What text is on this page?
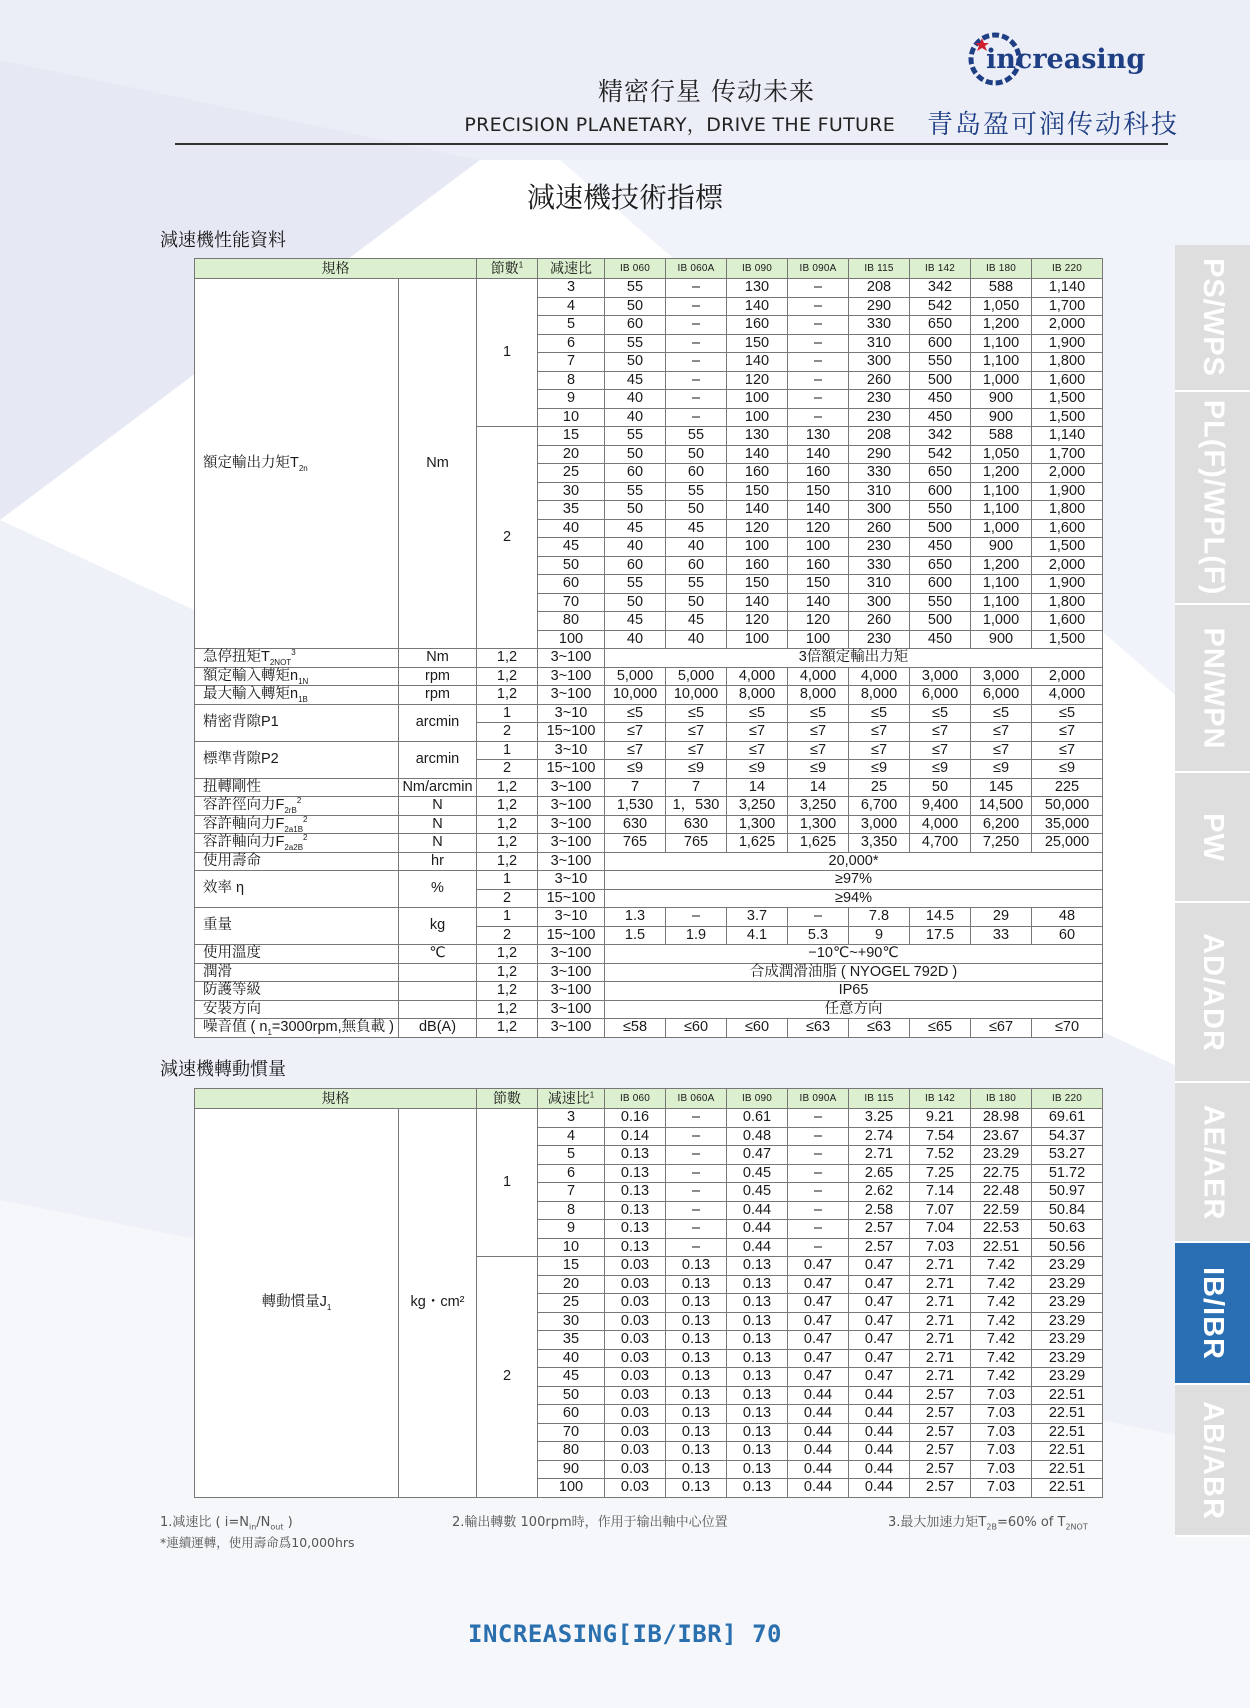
精密行星 传动未来
PRECISION PLANETARY，DRIVE THE FUTURE
increasing
青岛盈可润传动科技
減速機技術指標
減速機性能資料
規格		節數$^1$	减速比	IB 060	IB 060A	IB 090	IB 090A	IB 115	IB 142	IB 180	IB 220
額定輸出力矩$T_{2n}$	Nm	1	3	55	–	130	–	208	342	588	1,140
			4	50	–	140	–	290	542	1,050	1,700
			5	60	–	160	–	330	650	1,200	2,000
			6	55	–	150	–	310	600	1,100	1,900
			7	50	–	140	–	300	550	1,100	1,800
			8	45	–	120	–	260	500	1,000	1,600
			9	40	–	100	–	230	450	900	1,500
			10	40	–	100	–	230	450	900	1,500
		2	15	55	55	130	130	208	342	588	1,140
			20	50	50	140	140	290	542	1,050	1,700
			25	60	60	160	160	330	650	1,200	2,000
			30	55	55	150	150	310	600	1,100	1,900
			35	50	50	140	140	300	550	1,100	1,800
			40	45	45	120	120	260	500	1,000	1,600
			45	40	40	100	100	230	450	900	1,500
			50	60	60	160	160	330	650	1,200	2,000
			60	55	55	150	150	310	600	1,100	1,900
			70	50	50	140	140	300	550	1,100	1,800
			80	45	45	120	120	260	500	1,000	1,600
			100	40	40	100	100	230	450	900	1,500
急停扭矩$T_{2NOT}^3$	Nm	1,2	3~100	3倍額定輸出力矩							
額定輸入轉矩$n_{1N}$	rpm	1,2	3~100	5,000	5,000	4,000	4,000	4,000	3,000	3,000	2,000
最大輸入轉矩$n_{1B}$	rpm	1,2	3~100	10,000	10,000	8,000	8,000	8,000	6,000	6,000	4,000
精密背隙P1	arcmin	1	3~10	≤5	≤5	≤5	≤5	≤5	≤5	≤5	≤5
		2	15~100	≤7	≤7	≤7	≤7	≤7	≤7	≤7	≤7
標準背隙P2	arcmin	1	3~10	≤7	≤7	≤7	≤7	≤7	≤7	≤7	≤7
		2	15~100	≤9	≤9	≤9	≤9	≤9	≤9	≤9	≤9
扭轉剛性	Nm/arcmin	1,2	3~100	7	7	14	14	25	50	145	225
容許徑向力$F_{2rB}^2$	N	1,2	3~100	1,530	1，530	3,250	3,250	6,700	9,400	14,500	50,000
容許軸向力$F_{2a1B}^2$	N	1,2	3~100	630	630	1,300	1,300	3,000	4,000	6,200	35,000
容許軸向力$F_{2a2B}^2$	N	1,2	3~100	765	765	1,625	1,625	3,350	4,700	7,250	25,000
使用壽命	hr	1,2	3~100	20,000*							
效率 η	%	1	3~10	≥97%							
		2	15~100	≥94%							
重量	kg	1	3~10	1.3	–	3.7	–	7.8	14.5	29	48
		2	15~100	1.5	1.9	4.1	5.3	9	17.5	33	60
使用溫度	℃	1,2	3~100	−10℃~+90℃							
潤滑		1,2	3~100	合成潤滑油脂 ( NYOGEL 792D )							
防護等級		1,2	3~100	IP65							
安裝方向		1,2	3~100	任意方向							
噪音值 ( $n_1=3000rpm$,無負載 )	dB(A)	1,2	3~100	≤58	≤60	≤60	≤63	≤63	≤65	≤67	≤70
減速機轉動慣量
規格		節數	减速比$^1$	IB 060	IB 060A	IB 090	IB 090A	IB 115	IB 142	IB 180	IB 220
轉動慣量$J_1$	kg・cm²	1	3	0.16	–	0.61	–	3.25	9.21	28.98	69.61
			4	0.14	–	0.48	–	2.74	7.54	23.67	54.37
			5	0.13	–	0.47	–	2.71	7.52	23.29	53.27
			6	0.13	–	0.45	–	2.65	7.25	22.75	51.72
			7	0.13	–	0.45	–	2.62	7.14	22.48	50.97
			8	0.13	–	0.44	–	2.58	7.07	22.59	50.84
			9	0.13	–	0.44	–	2.57	7.04	22.53	50.63
			10	0.13	–	0.44	–	2.57	7.03	22.51	50.56
		2	15	0.03	0.13	0.13	0.47	0.47	2.71	7.42	23.29
			20	0.03	0.13	0.13	0.47	0.47	2.71	7.42	23.29
			25	0.03	0.13	0.13	0.47	0.47	2.71	7.42	23.29
			30	0.03	0.13	0.13	0.47	0.47	2.71	7.42	23.29
			35	0.03	0.13	0.13	0.47	0.47	2.71	7.42	23.29
			40	0.03	0.13	0.13	0.47	0.47	2.71	7.42	23.29
			45	0.03	0.13	0.13	0.47	0.47	2.71	7.42	23.29
			50	0.03	0.13	0.13	0.44	0.44	2.57	7.03	22.51
			60	0.03	0.13	0.13	0.44	0.44	2.57	7.03	22.51
			70	0.03	0.13	0.13	0.44	0.44	2.57	7.03	22.51
			80	0.03	0.13	0.13	0.44	0.44	2.57	7.03	22.51
			90	0.03	0.13	0.13	0.44	0.44	2.57	7.03	22.51
			100	0.03	0.13	0.13	0.44	0.44	2.57	7.03	22.51
1.减速比 ( $i=N_{in}/N_{out}$ )	2.輸出轉數 100rpm時，作用于输出軸中心位置	3.最大加速力矩$T_{2B}=60\%$ of $T_{2NOT}$
*連續運轉，使用壽命爲10,000hrs
INCREASING[IB/IBR] 70
PS/WPS
PL(F)/WPL(F)
PN/WPN
PW
AD/ADR
AE/AER
IB/IBR
AB/ABR
